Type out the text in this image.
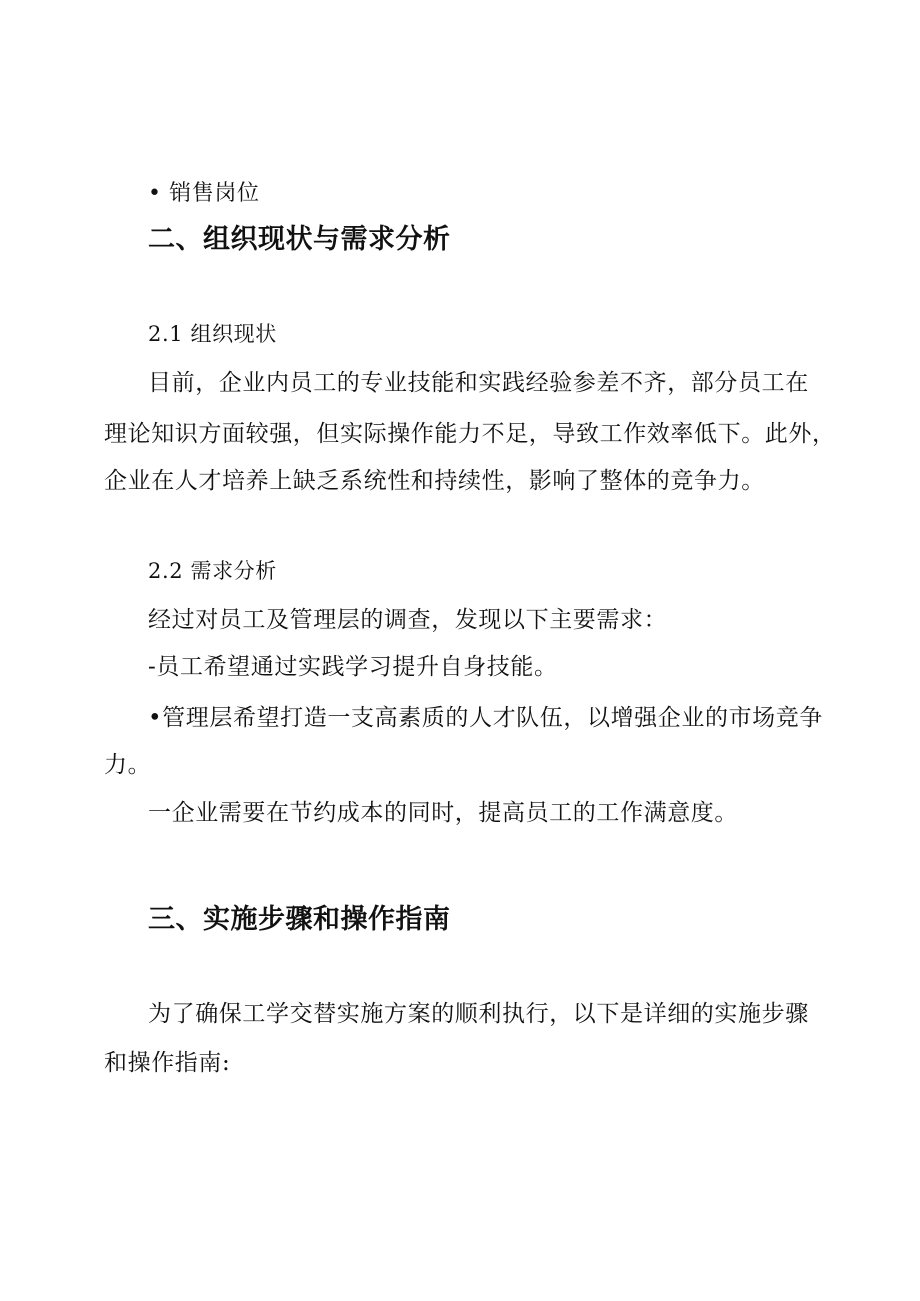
• 销售岗位
二、组织现状与需求分析
2.1 组织现状
目前，企业内员工的专业技能和实践经验参差不齐，部分员工在
理论知识方面较强，但实际操作能力不足，导致工作效率低下。此外，
企业在人才培养上缺乏系统性和持续性，影响了整体的竞争力。
2.2 需求分析
经过对员工及管理层的调查，发现以下主要需求：
-员工希望通过实践学习提升自身技能。
•管理层希望打造一支高素质的人才队伍，以增强企业的市场竞争
力。
一企业需要在节约成本的同时，提高员工的工作满意度。
三、实施步骤和操作指南
为了确保工学交替实施方案的顺利执行，以下是详细的实施步骤
和操作指南:
